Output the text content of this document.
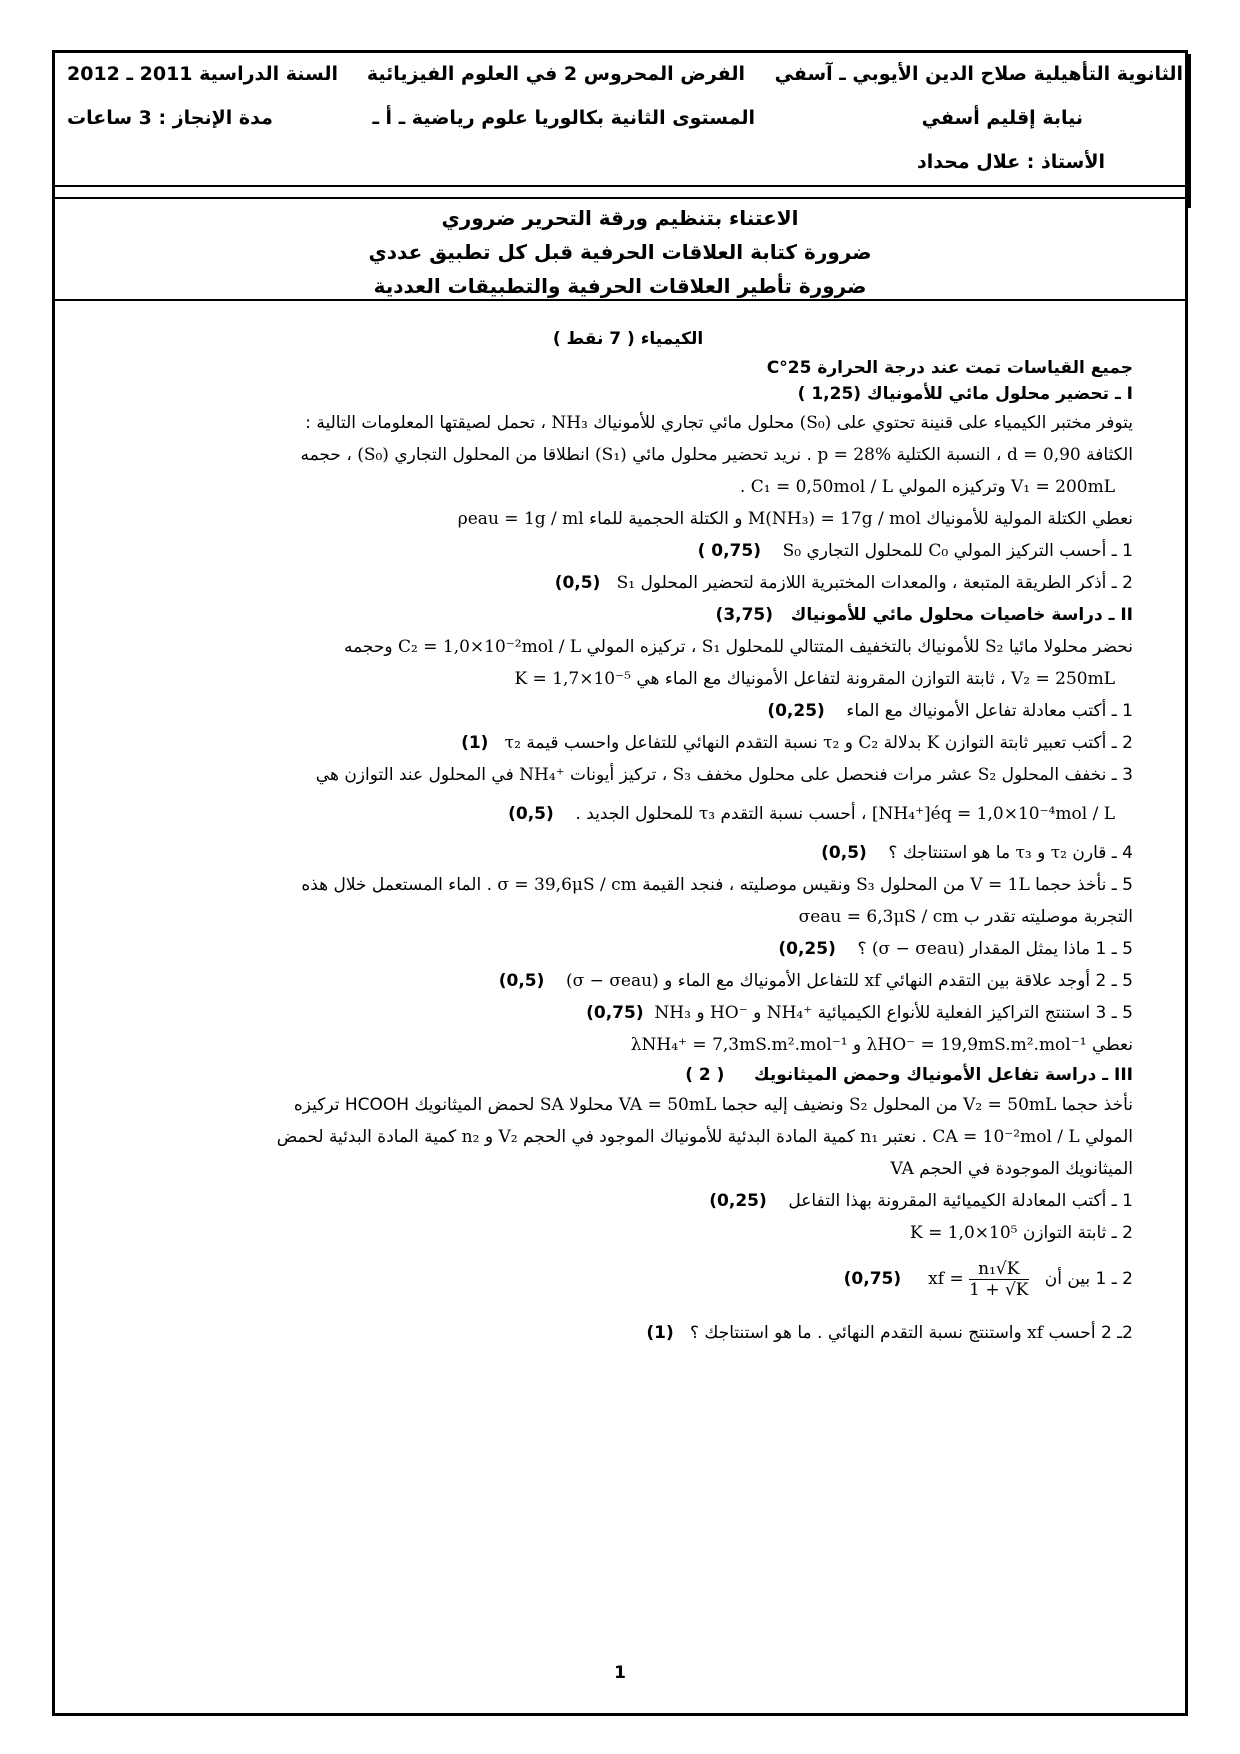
الثانوية التأهيلية صلاح الدين الأيوبي ـ آسفي
الفرض المحروس 2 في العلوم الفيزيائية
السنة الدراسية 2011 ـ 2012
نيابة إقليم أسفي
المستوى الثانية بكالوريا علوم رياضية ـ أ ـ
مدة الإنجاز : 3 ساعات
الأستاذ : علال محداد
الاعتناء بتنظيم ورقة التحرير ضروري
ضرورة كتابة العلاقات الحرفية قبل كل تطبيق عددي
ضرورة تأطير العلاقات الحرفية والتطبيقات العددية
الكيمياء ( 7 نقط )
جميع القياسات تمت عند درجة الحرارة 25°C
I ـ تحضير محلول مائي للأمونياك (1,25 )
يتوفر مختبر الكيمياء على قنينة تحتوي على (S₀) محلول مائي تجاري للأمونياك NH₃ ، تحمل لصيقتها المعلومات التالية :
الكثافة d = 0,90 ، النسبة الكتلية p = 28% . نريد تحضير محلول مائي (S₁) انطلاقا من المحلول التجاري (S₀) ، حجمه
V₁ = 200mL وتركيزه المولي C₁ = 0,50mol / L .
نعطي الكتلة المولية للأمونياك M(NH₃) = 17g / mol و الكتلة الحجمية للماء ρeau = 1g / ml
1 ـ أحسب التركيز المولي C₀ للمحلول التجاري S₀    ( 0,75)
2 ـ أذكر الطريقة المتبعة ، والمعدات المختبرية اللازمة لتحضير المحلول S₁   (0,5)
II ـ دراسة خاصيات محلول مائي للأمونياك   (3,75)
نحضر محلولا مائيا S₂ للأمونياك بالتخفيف المتتالي للمحلول S₁ ، تركيزه المولي C₂ = 1,0×10⁻²mol / L وحجمه
V₂ = 250mL ، ثابتة التوازن المقرونة لتفاعل الأمونياك مع الماء هي K = 1,7×10⁻⁵
1 ـ أكتب معادلة تفاعل الأمونياك مع الماء    (0,25)
2 ـ أكتب تعبير ثابتة التوازن K بدلالة C₂ و τ₂ نسبة التقدم النهائي للتفاعل واحسب قيمة τ₂   (1)
3 ـ نخفف المحلول S₂ عشر مرات فنحصل على محلول مخفف S₃ ، تركيز أيونات NH₄⁺ في المحلول عند التوازن هي
[NH₄⁺]éq = 1,0×10⁻⁴mol / L ، أحسب نسبة التقدم τ₃ للمحلول الجديد .    (0,5)
4 ـ قارن τ₂ و τ₃ ما هو استنتاجك ؟    (0,5)
5 ـ نأخذ حجما V = 1L من المحلول S₃ ونقيس موصليته ، فنجد القيمة σ = 39,6μS / cm . الماء المستعمل خلال هذه
التجربة موصليته تقدر ب σeau = 6,3μS / cm
5 ـ 1 ماذا يمثل المقدار (σ − σeau) ؟    (0,25)
5 ـ 2 أوجد علاقة بين التقدم النهائي xf للتفاعل الأمونياك مع الماء و (σ − σeau)    (0,5)
5 ـ 3 استنتج التراكيز الفعلية للأنواع الكيميائية NH₄⁺ و HO⁻ و NH₃  (0,75)
نعطي λHO⁻ = 19,9mS.m².mol⁻¹ و λNH₄⁺ = 7,3mS.m².mol⁻¹
III ـ دراسة تفاعل الأمونياك وحمض الميثانويك     ( 2 )
نأخذ حجما V₂ = 50mL من المحلول S₂ ونضيف إليه حجما VA = 50mL محلولا SA لحمض الميثانويك HCOOH تركيزه
المولي CA = 10⁻²mol / L . نعتبر n₁ كمية المادة البدئية للأمونياك الموجود في الحجم V₂ و n₂ كمية المادة البدئية لحمض
الميثانويك الموجودة في الحجم VA
1 ـ أكتب المعادلة الكيميائية المقرونة بهذا التفاعل    (0,25)
2 ـ ثابتة التوازن K = 1,0×10⁵
2 ـ 1 بين أن   xf = $\frac{\text{n₁√K}}{1 + √K}$
(0,75)
2ـ 2 أحسب xf واستنتج نسبة التقدم النهائي . ما هو استنتاجك ؟   (1)
1
